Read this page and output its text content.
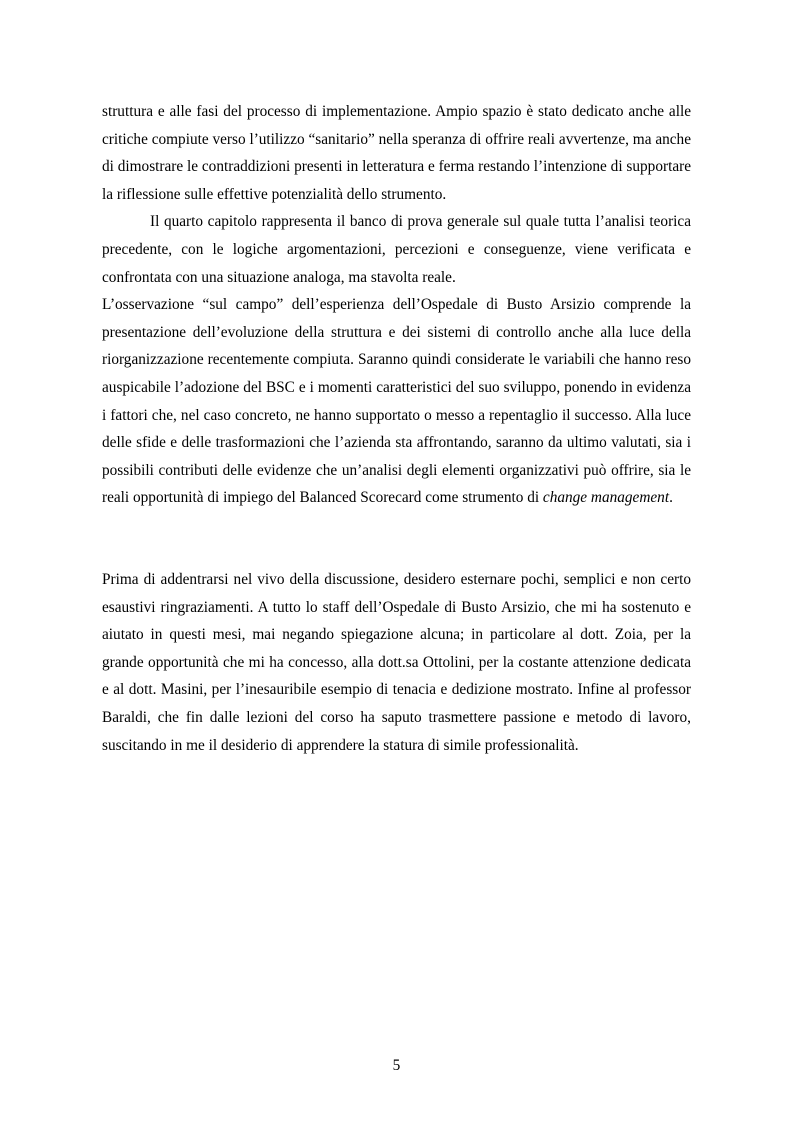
struttura e alle fasi del processo di implementazione. Ampio spazio è stato dedicato anche alle critiche compiute verso l’utilizzo “sanitario” nella speranza di offrire reali avvertenze, ma anche di dimostrare le contraddizioni presenti in letteratura e ferma restando l’intenzione di supportare la riflessione sulle effettive potenzialità dello strumento.

Il quarto capitolo rappresenta il banco di prova generale sul quale tutta l’analisi teorica precedente, con le logiche argomentazioni, percezioni e conseguenze, viene verificata e confrontata con una situazione analoga, ma stavolta reale.

L’osservazione “sul campo” dell’esperienza dell’Ospedale di Busto Arsizio comprende la presentazione dell’evoluzione della struttura e dei sistemi di controllo anche alla luce della riorganizzazione recentemente compiuta. Saranno quindi considerate le variabili che hanno reso auspicabile l’adozione del BSC e i momenti caratteristici del suo sviluppo, ponendo in evidenza i fattori che, nel caso concreto, ne hanno supportato o messo a repentaglio il successo. Alla luce delle sfide e delle trasformazioni che l’azienda sta affrontando, saranno da ultimo valutati, sia i possibili contributi delle evidenze che un’analisi degli elementi organizzativi può offrire, sia le reali opportunità di impiego del Balanced Scorecard come strumento di change management.

Prima di addentrarsi nel vivo della discussione, desidero esternare pochi, semplici e non certo esaustivi ringraziamenti. A tutto lo staff dell’Ospedale di Busto Arsizio, che mi ha sostenuto e aiutato in questi mesi, mai negando spiegazione alcuna; in particolare al dott. Zoia, per la grande opportunità che mi ha concesso, alla dott.sa Ottolini, per la costante attenzione dedicata e al dott. Masini, per l’inesauribile esempio di tenacia e dedizione mostrato. Infine al professor Baraldi, che fin dalle lezioni del corso ha saputo trasmettere passione e metodo di lavoro, suscitando in me il desiderio di apprendere la statura di simile professionalità.

5
